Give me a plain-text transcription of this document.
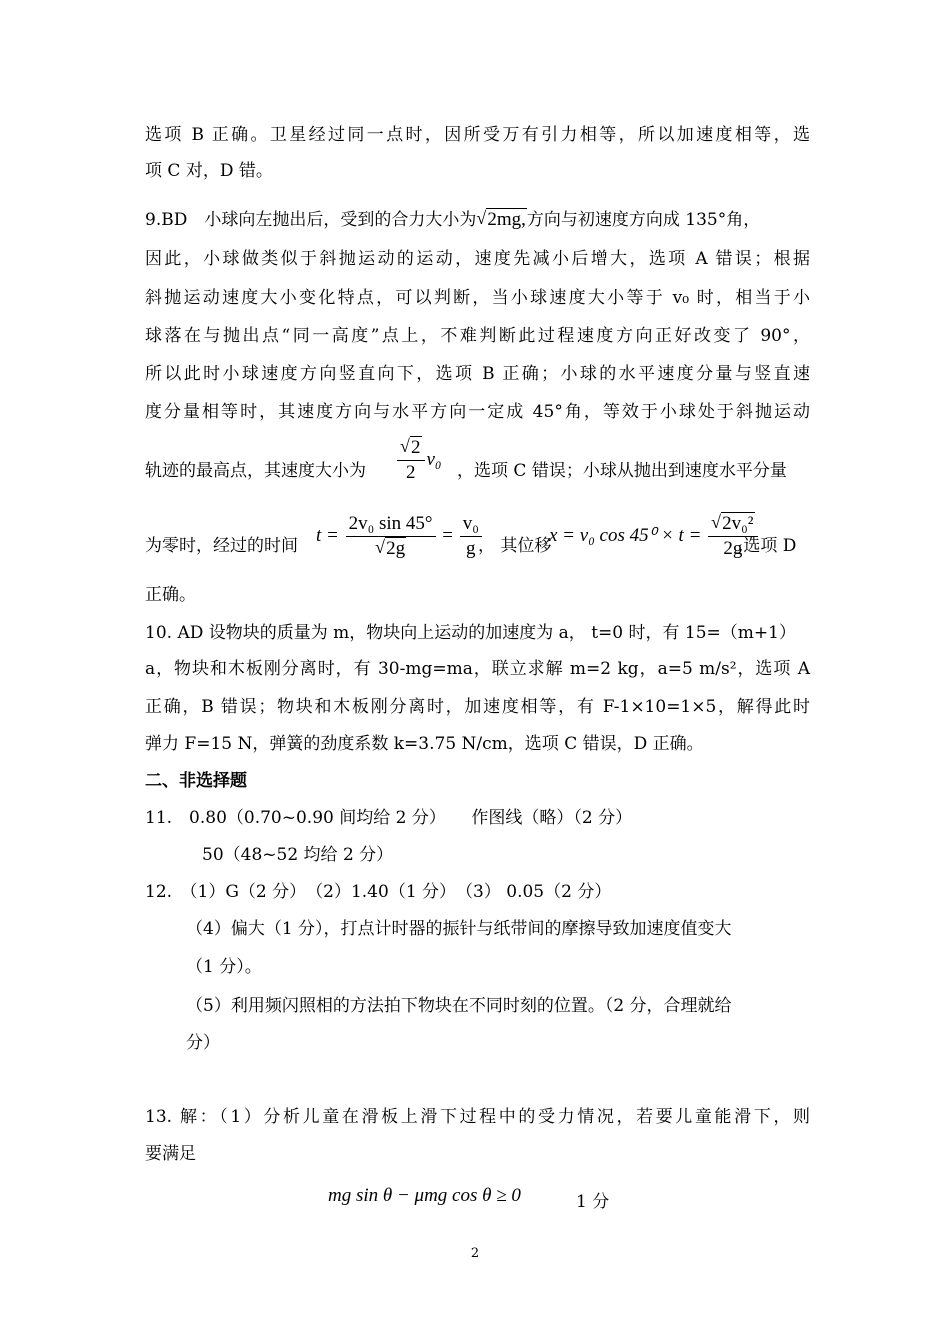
选项 B 正确。卫星经过同一点时，因所受万有引力相等，所以加速度相等，选
项 C 对，D 错。
9.BD　小球向左抛出后，受到的合力大小为 √ 2mg,方向与初速度方向成 135°角，
因此，小球做类似于斜抛运动的运动，速度先减小后增大，选项 A 错误；根据
斜抛运动速度大小变化特点，可以判断，当小球速度大小等于 v₀ 时，相当于小
球落在与抛出点“同一高度”点上，不难判断此过程速度方向正好改变了 90°，
所以此时小球速度方向竖直向下，选项 B 正确；小球的水平速度分量与竖直速
度分量相等时，其速度方向与水平方向一定成 45°角，等效于小球处于斜抛运动
轨迹的最高点，其速度大小为 √ $\frac{2}{2} v_0$
，选项 C 错误；小球从抛出到速度水平分量
为零时，经过的时间
t = 2v₀ sin 45°
√ $2g = \frac{\text{v₀}}{g}$
， 其位移
x = v₀ cos 45⁰ × t = √ $\frac{\text{2v₀²}}{2g}$
,选项 D
正确。
10. AD 设物块的质量为 m，物块向上运动的加速度为 a， t=0 时，有 15=（m+1）
a，物块和木板刚分离时，有 30-mg=ma，联立求解 m=2 kg，a=5 m/s²，选项 A
正确，B 错误；物块和木板刚分离时，加速度相等，有 F-1×10=1×5，解得此时
弹力 F=15 N，弹簧的劲度系数 k=3.75 N/cm，选项 C 错误，D 正确。
二、非选择题
11.　0.80（0.70~0.90 间均给 2 分）　　作图线（略）（2 分）
50（48~52 均给 2 分）
12.　（1）G（2 分）　（2）1.40（1 分）　（3） 0.05（2 分）
（4）偏大（1 分），打点计时器的振针与纸带间的摩擦导致加速度值变大
（1 分）。
（5）利用频闪照相的方法拍下物块在不同时刻的位置。（2 分，合理就给
分）
13. 解：（1）分析儿童在滑板上滑下过程中的受力情况，若要儿童能滑下，则
要满足
mg sin θ − μmg cos θ ≥ 0	1 分
2
